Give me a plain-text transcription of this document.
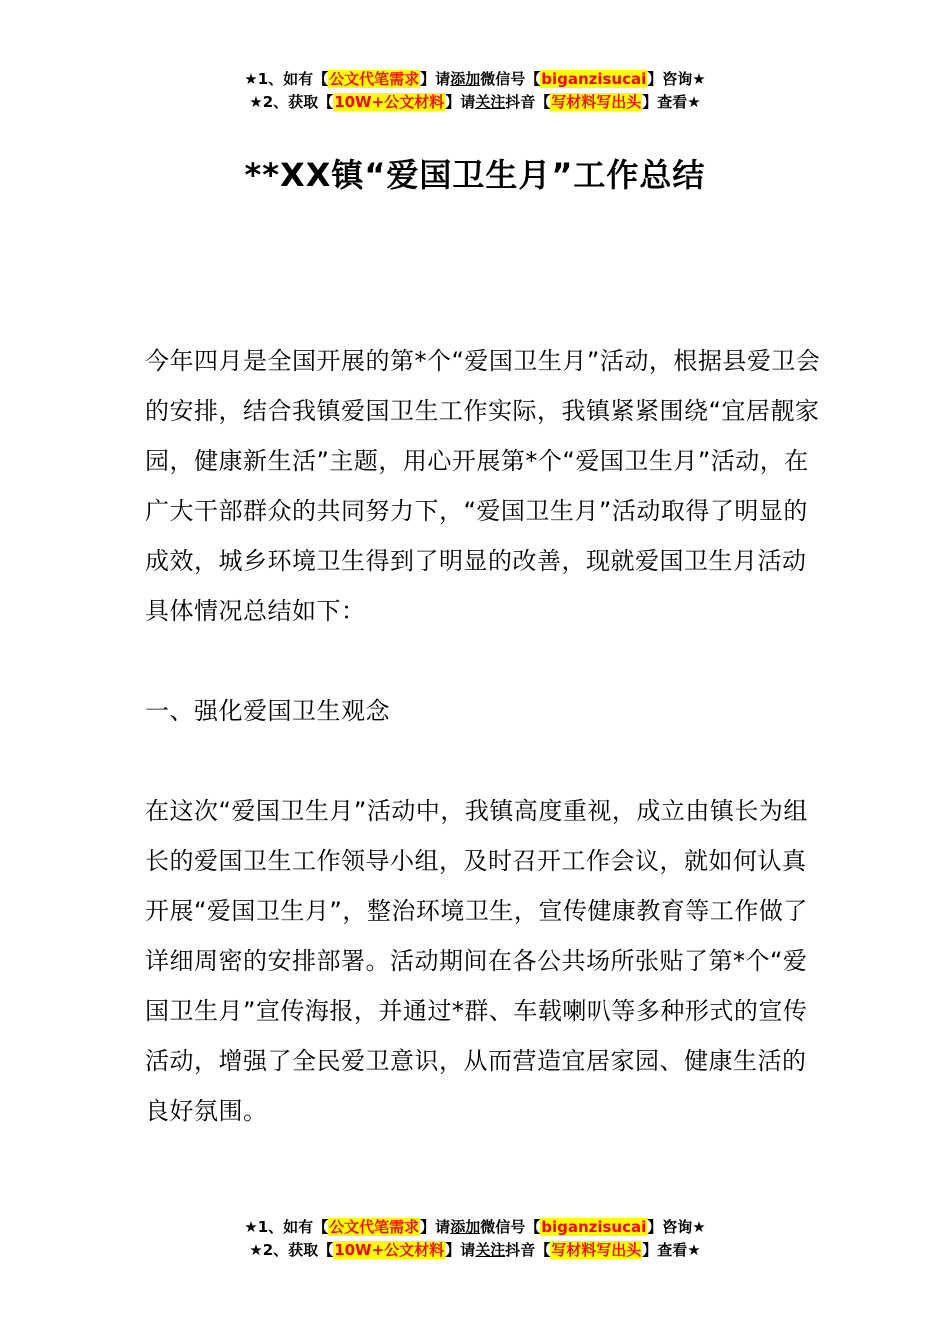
★1、如有【公文代笔需求】请添加微信号【biganzisucai】咨询★
★2、获取【10W+公文材料】请关注抖音【写材料写出头】查看★
**XX镇“爱国卫生月”工作总结
今年四月是全国开展的第*个“爱国卫生月”活动，根据县爱卫会的安排，结合我镇爱国卫生工作实际，我镇紧紧围绕“宜居靓家园，健康新生活”主题，用心开展第*个“爱国卫生月”活动，在广大干部群众的共同努力下，“爱国卫生月”活动取得了明显的成效，城乡环境卫生得到了明显的改善，现就爱国卫生月活动具体情况总结如下：
一、强化爱国卫生观念
在这次“爱国卫生月”活动中，我镇高度重视，成立由镇长为组长的爱国卫生工作领导小组，及时召开工作会议，就如何认真开展“爱国卫生月”，整治环境卫生，宣传健康教育等工作做了详细周密的安排部署。活动期间在各公共场所张贴了第*个“爱国卫生月”宣传海报，并通过*群、车载喇叭等多种形式的宣传活动，增强了全民爱卫意识，从而营造宜居家园、健康生活的良好氛围。
★1、如有【公文代笔需求】请添加微信号【biganzisucai】咨询★
★2、获取【10W+公文材料】请关注抖音【写材料写出头】查看★
